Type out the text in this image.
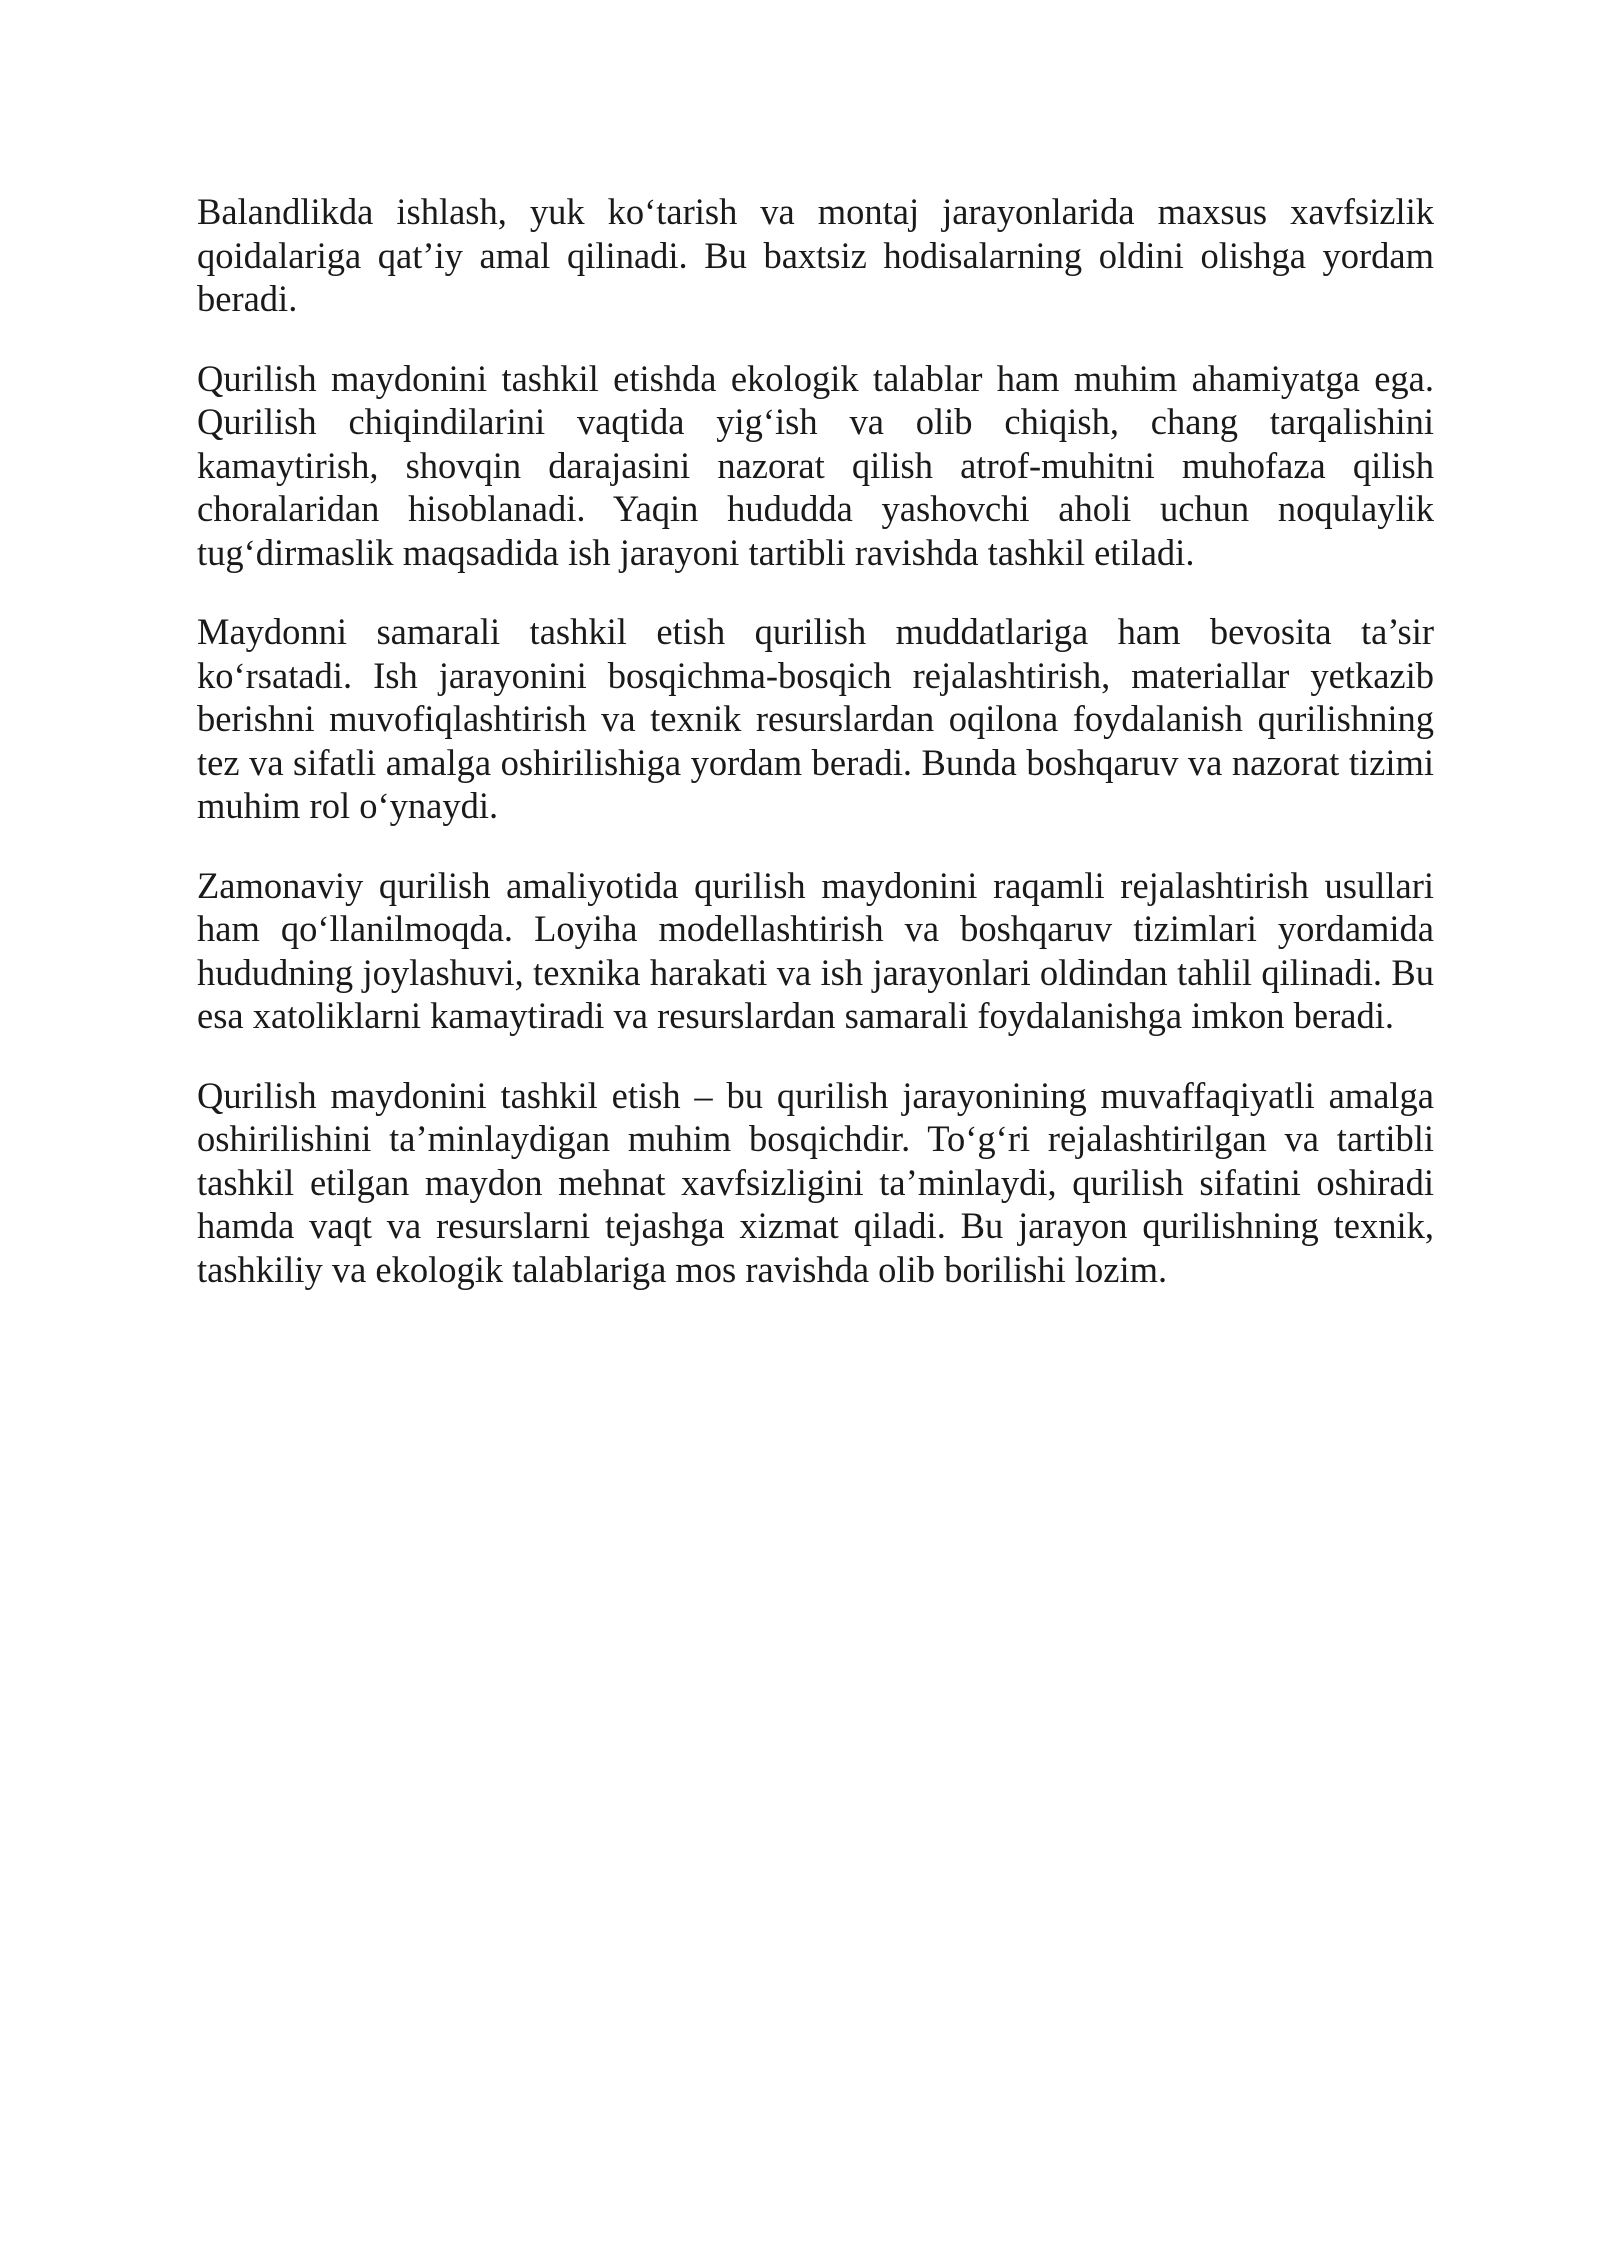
Balandlikda ishlash, yuk ko‘tarish va montaj jarayonlarida maxsus xavfsizlik qoidalariga qat’iy amal qilinadi. Bu baxtsiz hodisalarning oldini olishga yordam beradi.

Qurilish maydonini tashkil etishda ekologik talablar ham muhim ahamiyatga ega. Qurilish chiqindilarini vaqtida yig‘ish va olib chiqish, chang tarqalishini kamaytirish, shovqin darajasini nazorat qilish atrof-muhitni muhofaza qilish choralaridan hisoblanadi. Yaqin hududda yashovchi aholi uchun noqulaylik tug‘dirmaslik maqsadida ish jarayoni tartibli ravishda tashkil etiladi.

Maydonni samarali tashkil etish qurilish muddatlariga ham bevosita ta’sir ko‘rsatadi. Ish jarayonini bosqichma-bosqich rejalashtirish, materiallar yetkazib berishni muvofiqlashtirish va texnik resurslardan oqilona foydalanish qurilishning tez va sifatli amalga oshirilishiga yordam beradi. Bunda boshqaruv va nazorat tizimi muhim rol o‘ynaydi.

Zamonaviy qurilish amaliyotida qurilish maydonini raqamli rejalashtirish usullari ham qo‘llanilmoqda. Loyiha modellashtirish va boshqaruv tizimlari yordamida hududning joylashuvi, texnika harakati va ish jarayonlari oldindan tahlil qilinadi. Bu esa xatoliklarni kamaytiradi va resurslardan samarali foydalanishga imkon beradi.

Qurilish maydonini tashkil etish – bu qurilish jarayonining muvaffaqiyatli amalga oshirilishini ta’minlaydigan muhim bosqichdir. To‘g‘ri rejalashtirilgan va tartibli tashkil etilgan maydon mehnat xavfsizligini ta’minlaydi, qurilish sifatini oshiradi hamda vaqt va resurslarni tejashga xizmat qiladi. Bu jarayon qurilishning texnik, tashkiliy va ekologik talablariga mos ravishda olib borilishi lozim.
